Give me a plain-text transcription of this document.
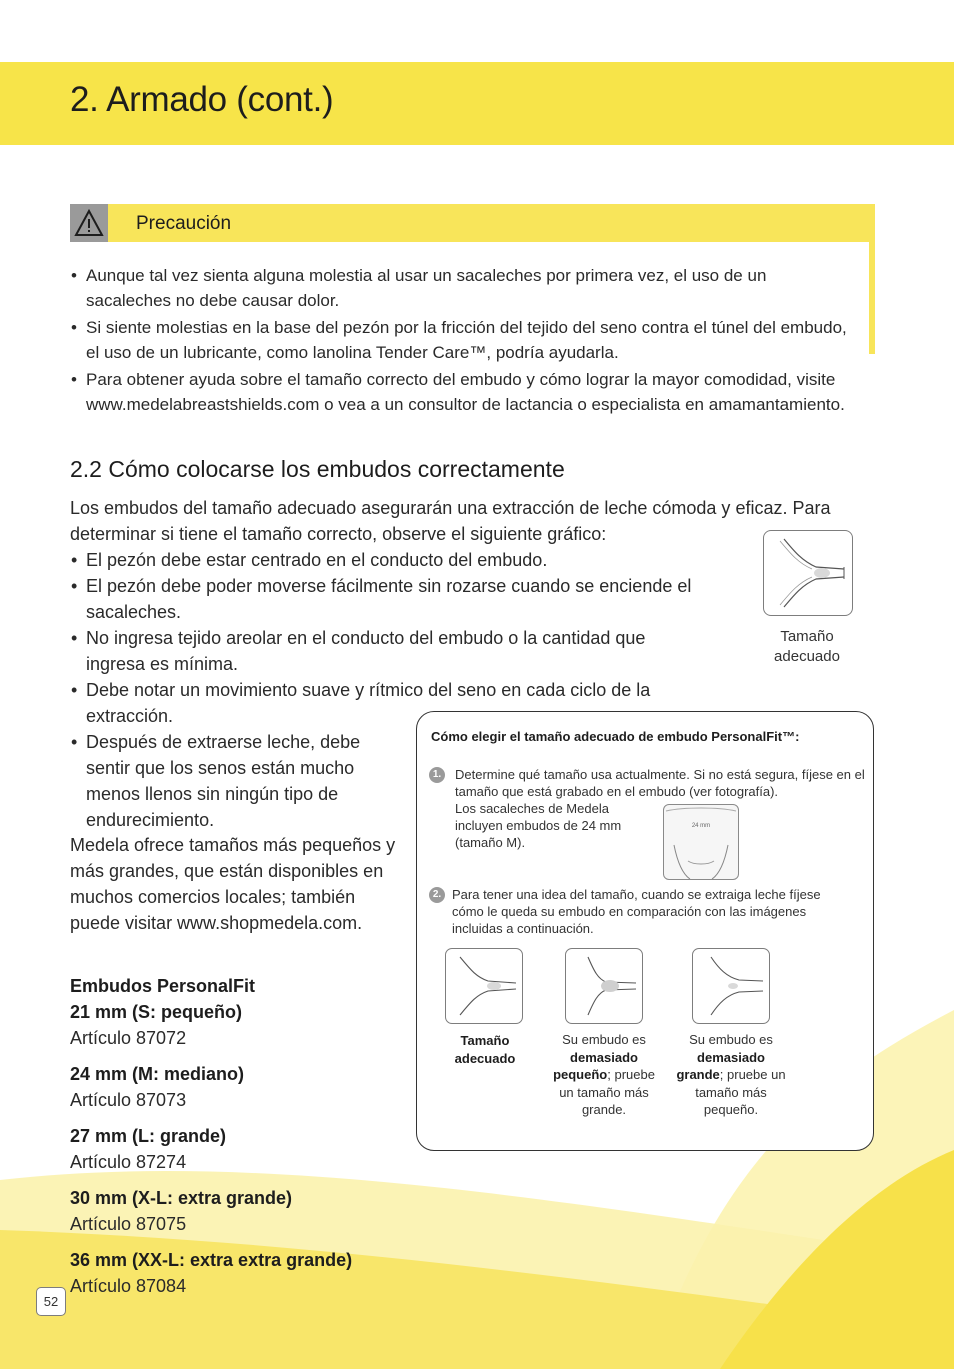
2. Armado (cont.)
Precaución
• Aunque tal vez sienta alguna molestia al usar un sacaleches por primera vez, el uso de un sacaleches no debe causar dolor.
• Si siente molestias en la base del pezón por la fricción del tejido del seno contra el túnel del embudo, el uso de un lubricante, como lanolina Tender Care™, podría ayudarla.
• Para obtener ayuda sobre el tamaño correcto del embudo y cómo lograr la mayor comodidad, visite www.medelabreastshields.com o vea a un consultor de lactancia o especialista en amamantamiento.
2.2 Cómo colocarse los embudos correctamente

Los embudos del tamaño adecuado asegurarán una extracción de leche cómoda y eficaz. Para determinar si tiene el tamaño correcto, observe el siguiente gráfico:

• El pezón debe estar centrado en el conducto del embudo.
• El pezón debe poder moverse fácilmente sin rozarse cuando se enciende el sacaleches.
• No ingresa tejido areolar en el conducto del embudo o la cantidad que ingresa es mínima.
• Debe notar un movimiento suave y rítmico del seno en cada ciclo de la extracción.
• Después de extraerse leche, debe sentir que los senos están mucho menos llenos sin ningún tipo de endurecimiento.

Medela ofrece tamaños más pequeños y más grandes, que están disponibles en muchos comercios locales; también puede visitar www.shopmedela.com.

Tamaño adecuado
Embudos PersonalFit
21 mm (S: pequeño)
Artículo 87072
24 mm (M: mediano)
Artículo 87073
27 mm (L: grande)
Artículo 87274
30 mm (X-L: extra grande)
Artículo 87075
36 mm (XX-L: extra extra grande)
Artículo 87084
Cómo elegir el tamaño adecuado de embudo PersonalFit™:
1. Determine qué tamaño usa actualmente. Si no está segura, fíjese en el tamaño que está grabado en el embudo (ver fotografía).
Los sacaleches de Medela incluyen embudos de 24 mm (tamaño M).
24 mm
2. Para tener una idea del tamaño, cuando se extraiga leche fíjese cómo le queda su embudo en comparación con las imágenes incluidas a continuación.
Tamaño adecuado
Su embudo es
demasiado pequeño; pruebe un tamaño más grande.
Su embudo es
demasiado grande; pruebe un tamaño más pequeño.
52
